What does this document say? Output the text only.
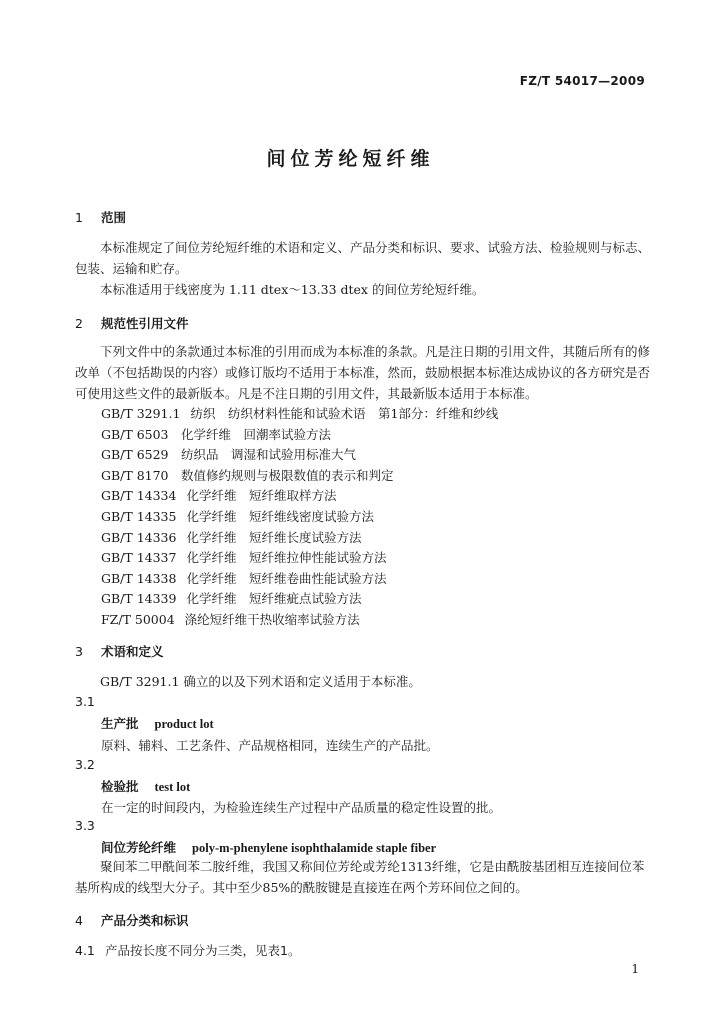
FZ/T 54017—2009
间位芳纶短纤维
1 范围

本标准规定了间位芳纶短纤维的术语和定义、产品分类和标识、要求、试验方法、检验规则与标志、包装、运输和贮存。

本标准适用于线密度为 1.11 dtex～13.33 dtex 的间位芳纶短纤维。

2 规范性引用文件

下列文件中的条款通过本标准的引用而成为本标准的条款。凡是注日期的引用文件，其随后所有的修改单（不包括勘误的内容）或修订版均不适用于本标准，然而，鼓励根据本标准达成协议的各方研究是否可使用这些文件的最新版本。凡是不注日期的引用文件，其最新版本适用于本标准。

GB/T 3291.1 纺织　纺织材料性能和试验术语　第1部分：纤维和纱线
GB/T 6503 化学纤维　回潮率试验方法
GB/T 6529 纺织品　调湿和试验用标准大气
GB/T 8170 数值修约规则与极限数值的表示和判定
GB/T 14334 化学纤维　短纤维取样方法
GB/T 14335 化学纤维　短纤维线密度试验方法
GB/T 14336 化学纤维　短纤维长度试验方法
GB/T 14337 化学纤维　短纤维拉伸性能试验方法
GB/T 14338 化学纤维　短纤维卷曲性能试验方法
GB/T 14339 化学纤维　短纤维疵点试验方法
FZ/T 50004 涤纶短纤维干热收缩率试验方法
3 术语和定义

GB/T 3291.1 确立的以及下列术语和定义适用于本标准。

3.1
生产批 product lot
原料、辅料、工艺条件、产品规格相同，连续生产的产品批。
3.2
检验批 test lot
在一定的时间段内，为检验连续生产过程中产品质量的稳定性设置的批。
3.3
间位芳纶纤维 poly-m-phenylene isophthalamide staple fiber

聚间苯二甲酰间苯二胺纤维，我国又称间位芳纶或芳纶1313纤维，它是由酰胺基团相互连接间位苯基所构成的线型大分子。其中至少85%的酰胺键是直接连在两个芳环间位之间的。

4 产品分类和标识
4.1 产品按长度不同分为三类，见表1。
1
